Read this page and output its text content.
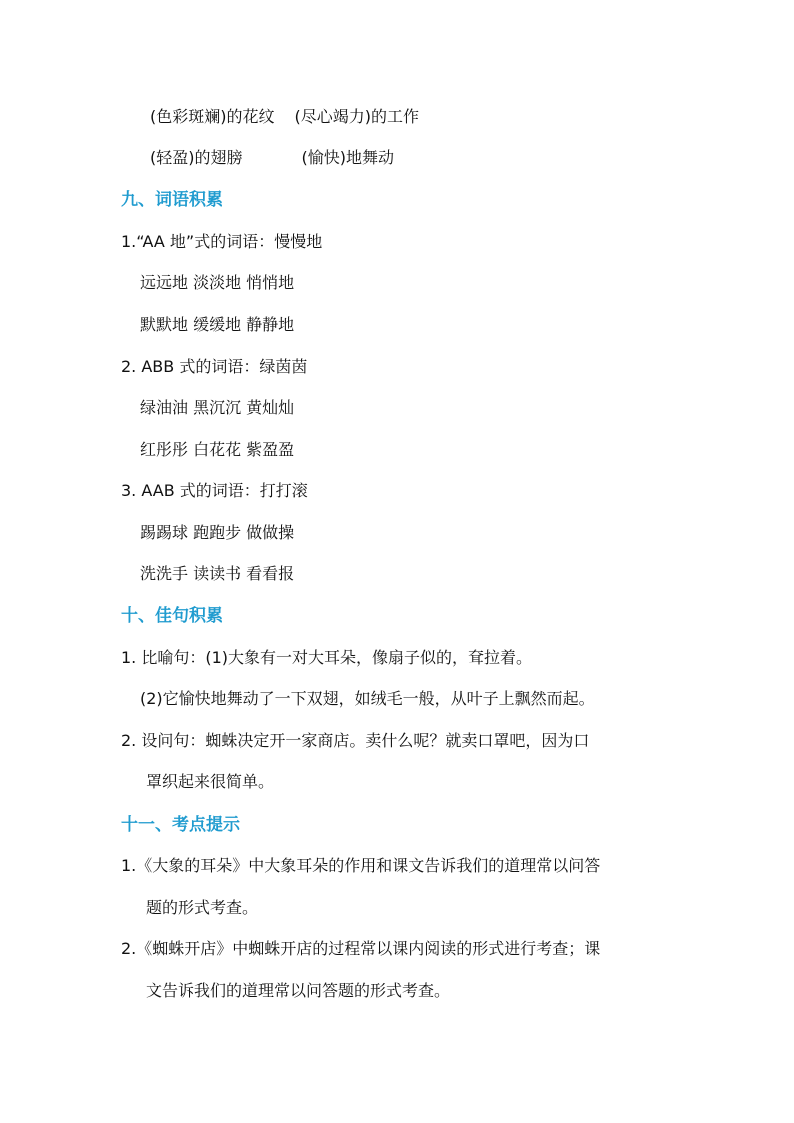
(色彩斑斓)的花纹 (尽心竭力)的工作
(轻盈)的翅膀	(愉快)地舞动
九、词语积累
1.“AA 地”式的词语：慢慢地
远远地 淡淡地 悄悄地
默默地 缓缓地 静静地
2. ABB 式的词语：绿茵茵
绿油油 黑沉沉 黄灿灿
红彤彤 白花花 紫盈盈
3. AAB 式的词语：打打滚
踢踢球 跑跑步 做做操
洗洗手 读读书 看看报
十、佳句积累
1. 比喻句：(1)大象有一对大耳朵，像扇子似的，耷拉着。
(2)它愉快地舞动了一下双翅，如绒毛一般，从叶子上飘然而起。
2. 设问句：蜘蛛决定开一家商店。卖什么呢？就卖口罩吧，因为口
罩织起来很简单。
十一、考点提示
1.《大象的耳朵》中大象耳朵的作用和课文告诉我们的道理常以问答
题的形式考查。
2.《蜘蛛开店》中蜘蛛开店的过程常以课内阅读的形式进行考查；课
文告诉我们的道理常以问答题的形式考查。
